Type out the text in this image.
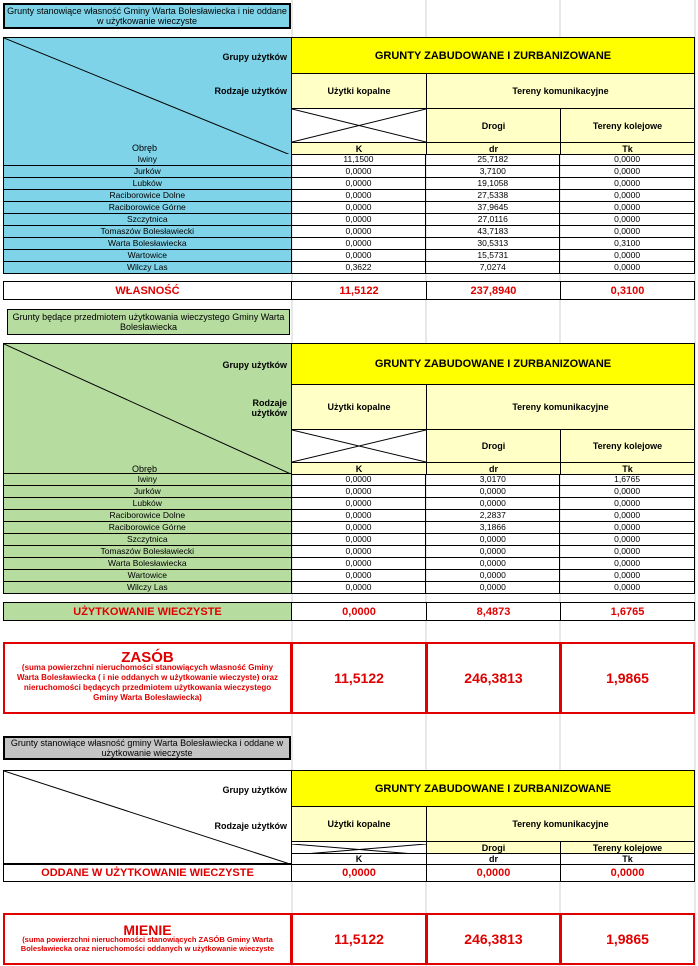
Grunty stanowiące własność Gminy Warta Bolesławiecka i nie oddane w użytkowanie wieczyste
Grupy użytków
Rodzaje użytków
Obręb
GRUNTY ZABUDOWANE I ZURBANIZOWANE
Użytki kopalne	Tereny komunikacyjne
Drogi	Tereny kolejowe
K	dr	Tk
Iwiny	11,1500	25,7182	0,0000
Jurków	0,0000	3,7100	0,0000
Lubków	0,0000	19,1058	0,0000
Raciborowice Dolne	0,0000	27,5338	0,0000
Raciborowice Górne	0,0000	37,9645	0,0000
Szczytnica	0,0000	27,0116	0,0000
Tomaszów Bolesławiecki	0,0000	43,7183	0,0000
Warta Bolesławiecka	0,0000	30,5313	0,3100
Wartowice	0,0000	15,5731	0,0000
Wilczy Las	0,3622	7,0274	0,0000
WŁASNOŚĆ	11,5122	237,8940	0,3100
Grunty będące przedmiotem użytkowania wieczystego Gminy Warta Bolesławiecka
Grupy użytków
Rodzaje użytków
Obręb
GRUNTY ZABUDOWANE I ZURBANIZOWANE
Użytki kopalne	Tereny komunikacyjne
Drogi	Tereny kolejowe
K	dr	Tk
Iwiny	0,0000	3,0170	1,6765
Jurków	0,0000	0,0000	0,0000
Lubków	0,0000	0,0000	0,0000
Raciborowice Dolne	0,0000	2,2837	0,0000
Raciborowice Górne	0,0000	3,1866	0,0000
Szczytnica	0,0000	0,0000	0,0000
Tomaszów Bolesławiecki	0,0000	0,0000	0,0000
Warta Bolesławiecka	0,0000	0,0000	0,0000
Wartowice	0,0000	0,0000	0,0000
Wilczy Las	0,0000	0,0000	0,0000
UŻYTKOWANIE WIECZYSTE	0,0000	8,4873	1,6765
ZASÓB
(suma powierzchni nieruchomości stanowiących własność Gminy Warta Bolesławiecka ( i nie oddanych w użytkowanie wieczyste) oraz nieruchomości będących przedmiotem użytkowania wieczystego Gminy Warta Bolesławiecka)
11,5122	246,3813	1,9865
Grunty stanowiące własność gminy Warta Bolesławiecka i oddane w użytkowanie wieczyste
Grupy użytków
Rodzaje użytków
GRUNTY ZABUDOWANE I ZURBANIZOWANE
Użytki kopalne	Tereny komunikacyjne
Drogi	Tereny kolejowe
K	dr	Tk
ODDANE W UŻYTKOWANIE WIECZYSTE	0,0000	0,0000	0,0000
MIENIE
(suma powierzchni nieruchomości stanowiących ZASÓB Gminy Warta Bolesławiecka oraz nieruchomości oddanych w użytkowanie wieczyste
11,5122	246,3813	1,9865
